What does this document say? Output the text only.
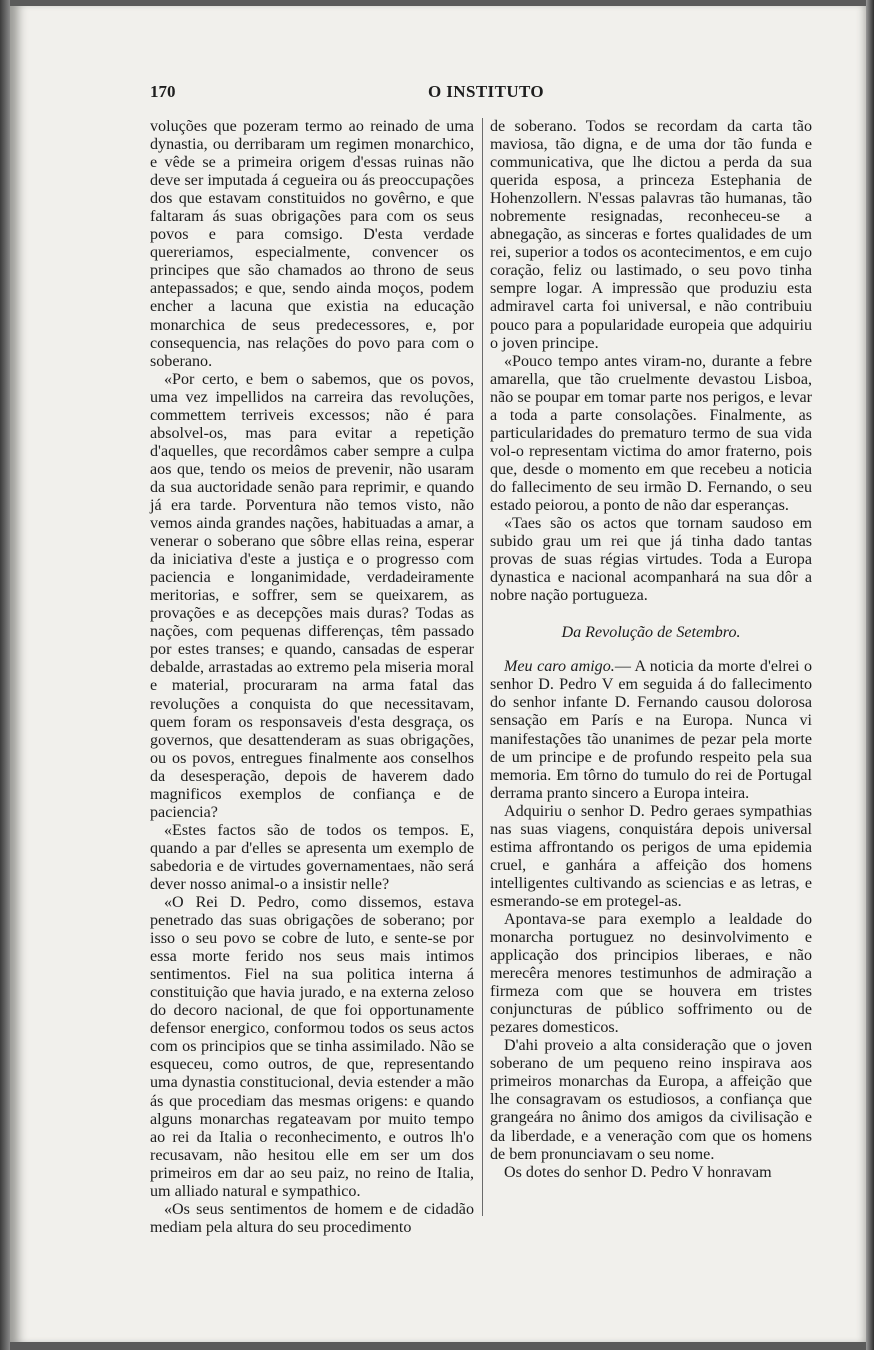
170	O INSTITUTO

voluções que pozeram termo ao reinado de uma dynastia, ou derribaram um regimen monarchico, e vêde se a primeira origem d'essas ruinas não deve ser imputada á cegueira ou ás preoccupações dos que estavam constituidos no govêrno, e que faltaram ás suas obrigações para com os seus povos e para comsigo. D'esta verdade quereriamos, especialmente, convencer os principes que são chamados ao throno de seus antepassados; e que, sendo ainda moços, podem encher a lacuna que existia na educação monarchica de seus predecessores, e, por consequencia, nas relações do povo para com o soberano.

«Por certo, e bem o sabemos, que os povos, uma vez impellidos na carreira das revoluções, commettem terriveis excessos; não é para absolvel-os, mas para evitar a repetição d'aquelles, que recordâmos caber sempre a culpa aos que, tendo os meios de prevenir, não usaram da sua auctoridade senão para reprimir, e quando já era tarde. Porventura não temos visto, não vemos ainda grandes nações, habituadas a amar, a venerar o soberano que sôbre ellas reina, esperar da iniciativa d'este a justiça e o progresso com paciencia e longanimidade, verdadeiramente meritorias, e soffrer, sem se queixarem, as provações e as decepções mais duras? Todas as nações, com pequenas differenças, têm passado por estes transes; e quando, cansadas de esperar debalde, arrastadas ao extremo pela miseria moral e material, procuraram na arma fatal das revoluções a conquista do que necessitavam, quem foram os responsaveis d'esta desgraça, os governos, que desattenderam as suas obrigações, ou os povos, entregues finalmente aos conselhos da desesperação, depois de haverem dado magnificos exemplos de confiança e de paciencia?

«Estes factos são de todos os tempos. E, quando a par d'elles se apresenta um exemplo de sabedoria e de virtudes governamentaes, não será dever nosso animal-o a insistir nelle?

«O Rei D. Pedro, como dissemos, estava penetrado das suas obrigações de soberano; por isso o seu povo se cobre de luto, e sente-se por essa morte ferido nos seus mais intimos sentimentos. Fiel na sua politica interna á constituição que havia jurado, e na externa zeloso do decoro nacional, de que foi opportunamente defensor energico, conformou todos os seus actos com os principios que se tinha assimilado. Não se esqueceu, como outros, de que, representando uma dynastia constitucional, devia estender a mão ás que procediam das mesmas origens: e quando alguns monarchas regateavam por muito tempo ao rei da Italia o reconhecimento, e outros lh'o recusavam, não hesitou elle em ser um dos primeiros em dar ao seu paiz, no reino de Italia, um alliado natural e sympathico.

«Os seus sentimentos de homem e de cidadão mediam pela altura do seu procedimento

de soberano. Todos se recordam da carta tão maviosa, tão digna, e de uma dor tão funda e communicativa, que lhe dictou a perda da sua querida esposa, a princeza Estephania de Hohenzollern. N'essas palavras tão humanas, tão nobremente resignadas, reconheceu-se a abnegação, as sinceras e fortes qualidades de um rei, superior a todos os acontecimentos, e em cujo coração, feliz ou lastimado, o seu povo tinha sempre logar. A impressão que produziu esta admiravel carta foi universal, e não contribuiu pouco para a popularidade europeia que adquiriu o joven principe.

«Pouco tempo antes viram-no, durante a febre amarella, que tão cruelmente devastou Lisboa, não se poupar em tomar parte nos perigos, e levar a toda a parte consolações. Finalmente, as particularidades do prematuro termo de sua vida vol-o representam victima do amor fraterno, pois que, desde o momento em que recebeu a noticia do fallecimento de seu irmão D. Fernando, o seu estado peiorou, a ponto de não dar esperanças.

«Taes são os actos que tornam saudoso em subido grau um rei que já tinha dado tantas provas de suas régias virtudes. Toda a Europa dynastica e nacional acompanhará na sua dôr a nobre nação portugueza.

Da Revolução de Setembro.

Meu caro amigo.— A noticia da morte d'elrei o senhor D. Pedro V em seguida á do fallecimento do senhor infante D. Fernando causou dolorosa sensação em París e na Europa. Nunca vi manifestações tão unanimes de pezar pela morte de um principe e de profundo respeito pela sua memoria. Em tôrno do tumulo do rei de Portugal derrama pranto sincero a Europa inteira.

Adquiriu o senhor D. Pedro geraes sympathias nas suas viagens, conquistára depois universal estima affrontando os perigos de uma epidemia cruel, e ganhára a affeição dos homens intelligentes cultivando as sciencias e as letras, e esmerando-se em protegel-as.

Apontava-se para exemplo a lealdade do monarcha portuguez no desinvolvimento e applicação dos principios liberaes, e não merecêra menores testimunhos de admiração a firmeza com que se houvera em tristes conjuncturas de público soffrimento ou de pezares domesticos.

D'ahi proveio a alta consideração que o joven soberano de um pequeno reino inspirava aos primeiros monarchas da Europa, a affeição que lhe consagravam os estudiosos, a confiança que grangeára no ânimo dos amigos da civilisação e da liberdade, e a veneração com que os homens de bem pronunciavam o seu nome.

Os dotes do senhor D. Pedro V honravam
